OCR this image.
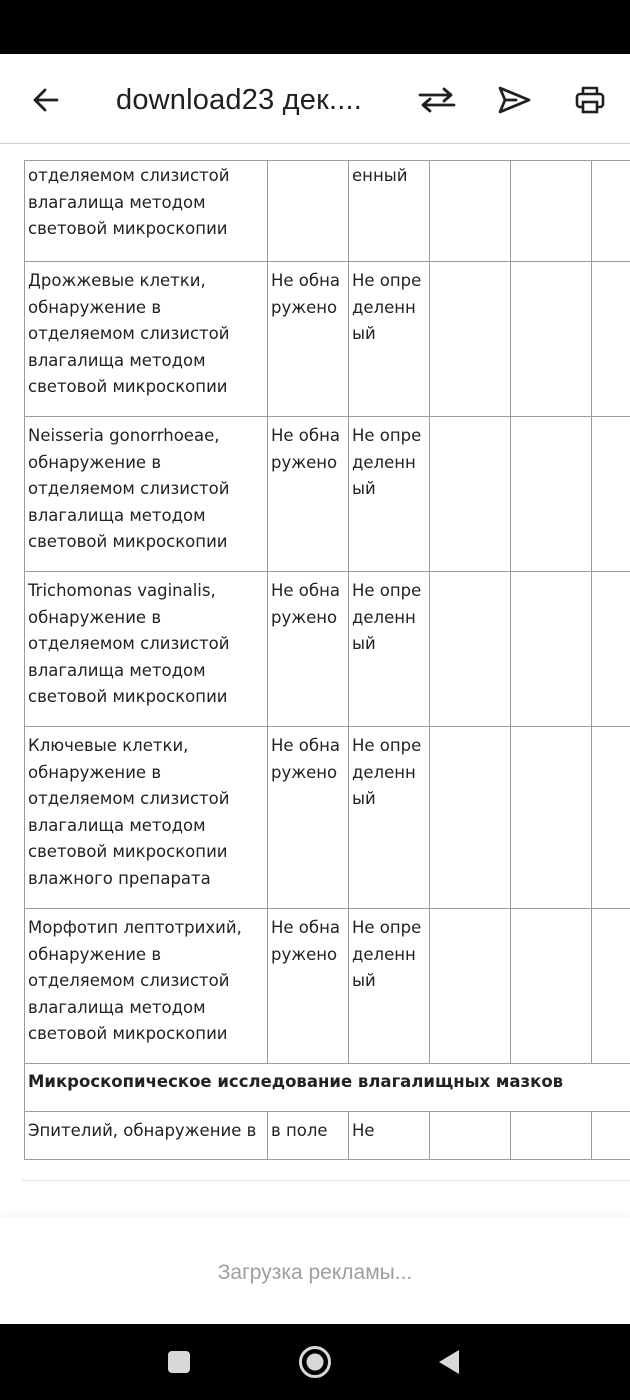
download23 дек....
отделяемом слизистой влагалища методом световой микроскопии		енный			
Дрожжевые клетки, обнаружение в отделяемом слизистой влагалища методом световой микроскопии	Не обнаружено	Не определенный			
Neisseria gonorrhoeae, обнаружение в отделяемом слизистой влагалища методом световой микроскопии	Не обнаружено	Не определенный			
Trichomonas vaginalis, обнаружение в отделяемом слизистой влагалища методом световой микроскопии	Не обнаружено	Не определенный			
Ключевые клетки, обнаружение в отделяемом слизистой влагалища методом световой микроскопии влажного препарата	Не обнаружено	Не определенный			
Морфотип лептотрихий, обнаружение в отделяемом слизистой влагалища методом световой микроскопии	Не обнаружено	Не определенный			
Микроскопическое исследование влагалищных мазков					
Эпителий, обнаружение в	в поле	Не			
Загрузка рекламы...
